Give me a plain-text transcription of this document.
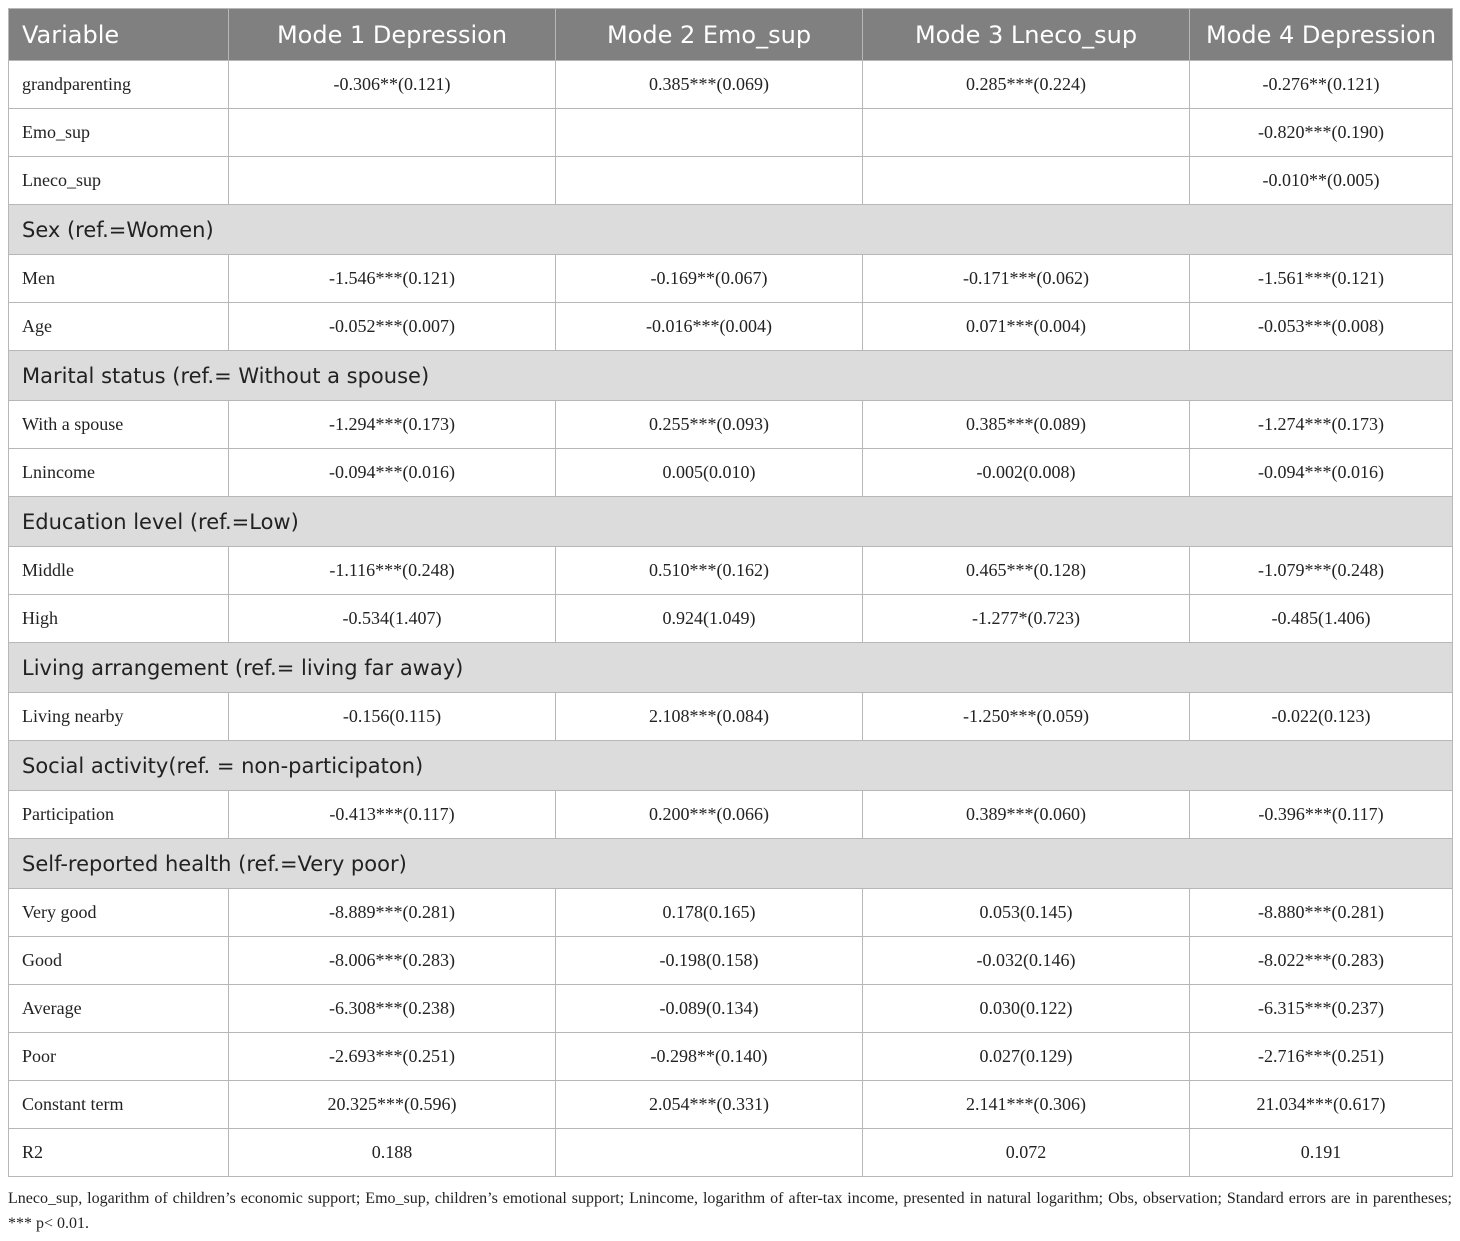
Variable	Mode 1 Depression	Mode 2 Emo_sup	Mode 3 Lneco_sup	Mode 4 Depression
grandparenting	-0.306**(0.121)	0.385***(0.069)	0.285***(0.224)	-0.276**(0.121)
Emo_sup				-0.820***(0.190)
Lneco_sup				-0.010**(0.005)
Sex (ref.=Women)				
Men	-1.546***(0.121)	-0.169**(0.067)	-0.171***(0.062)	-1.561***(0.121)
Age	-0.052***(0.007)	-0.016***(0.004)	0.071***(0.004)	-0.053***(0.008)
Marital status (ref.= Without a spouse)				
With a spouse	-1.294***(0.173)	0.255***(0.093)	0.385***(0.089)	-1.274***(0.173)
Lnincome	-0.094***(0.016)	0.005(0.010)	-0.002(0.008)	-0.094***(0.016)
Education level (ref.=Low)				
Middle	-1.116***(0.248)	0.510***(0.162)	0.465***(0.128)	-1.079***(0.248)
High	-0.534(1.407)	0.924(1.049)	-1.277*(0.723)	-0.485(1.406)
Living arrangement (ref.= living far away)				
Living nearby	-0.156(0.115)	2.108***(0.084)	-1.250***(0.059)	-0.022(0.123)
Social activity(ref. = non-participaton)				
Participation	-0.413***(0.117)	0.200***(0.066)	0.389***(0.060)	-0.396***(0.117)
Self-reported health (ref.=Very poor)				
Very good	-8.889***(0.281)	0.178(0.165)	0.053(0.145)	-8.880***(0.281)
Good	-8.006***(0.283)	-0.198(0.158)	-0.032(0.146)	-8.022***(0.283)
Average	-6.308***(0.238)	-0.089(0.134)	0.030(0.122)	-6.315***(0.237)
Poor	-2.693***(0.251)	-0.298**(0.140)	0.027(0.129)	-2.716***(0.251)
Constant term	20.325***(0.596)	2.054***(0.331)	2.141***(0.306)	21.034***(0.617)
R2	0.188		0.072	0.191
Lneco_sup, logarithm of children’s economic support; Emo_sup, children’s emotional support; Lnincome, logarithm of after-tax income, presented in natural logarithm; Obs, observation; Standard errors are in parentheses; *** p< 0.01.
